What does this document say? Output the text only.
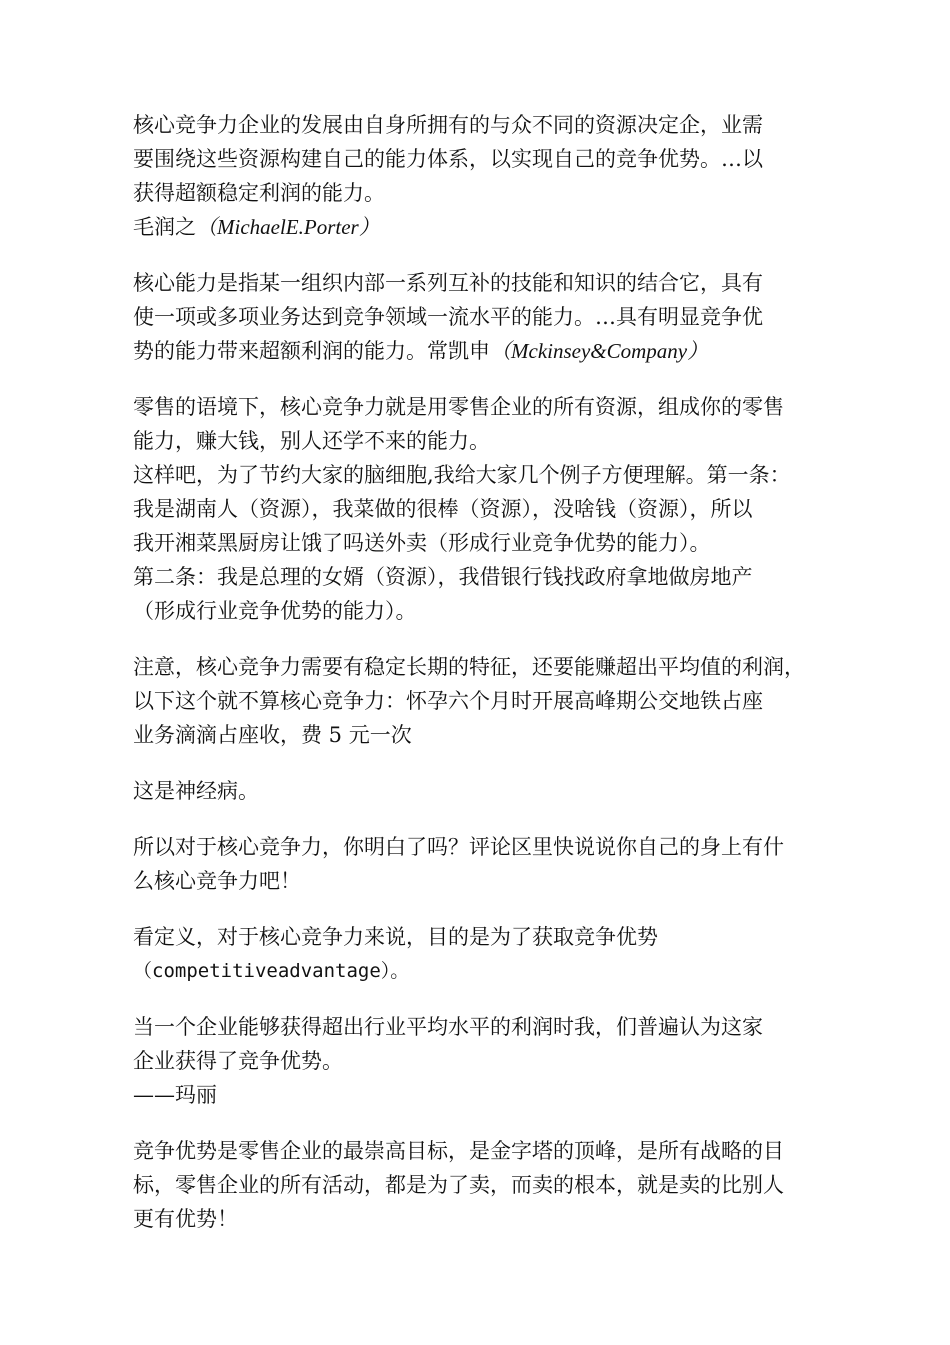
核心竞争力企业的发展由自身所拥有的与众不同的资源决定企，业需
要围绕这些资源构建自己的能力体系，以实现自己的竞争优势。…以
获得超额稳定利润的能力。
毛润之（MichaelE.Porter）

核心能力是指某一组织内部一系列互补的技能和知识的结合它，具有
使一项或多项业务达到竞争领域一流水平的能力。…具有明显竞争优
势的能力带来超额利润的能力。常凯申（Mckinsey&Company）

零售的语境下，核心竞争力就是用零售企业的所有资源，组成你的零售
能力，赚大钱，别人还学不来的能力。
这样吧，为了节约大家的脑细胞,我给大家几个例子方便理解。第一条：
我是湖南人（资源），我菜做的很棒（资源），没啥钱（资源），所以
我开湘菜黑厨房让饿了吗送外卖（形成行业竞争优势的能力）。
第二条：我是总理的女婿（资源），我借银行钱找政府拿地做房地产
（形成行业竞争优势的能力）。

注意，核心竞争力需要有稳定长期的特征，还要能赚超出平均值的利润，
以下这个就不算核心竞争力：怀孕六个月时开展高峰期公交地铁占座
业务滴滴占座收，费 5 元一次

这是神经病。

所以对于核心竞争力，你明白了吗？评论区里快说说你自己的身上有什
么核心竞争力吧！

看定义，对于核心竞争力来说，目的是为了获取竞争优势
（competitiveadvantage）。

当一个企业能够获得超出行业平均水平的利润时我，们普遍认为这家
企业获得了竞争优势。
——玛丽

竞争优势是零售企业的最崇高目标，是金字塔的顶峰，是所有战略的目
标，零售企业的所有活动，都是为了卖，而卖的根本，就是卖的比别人
更有优势！
